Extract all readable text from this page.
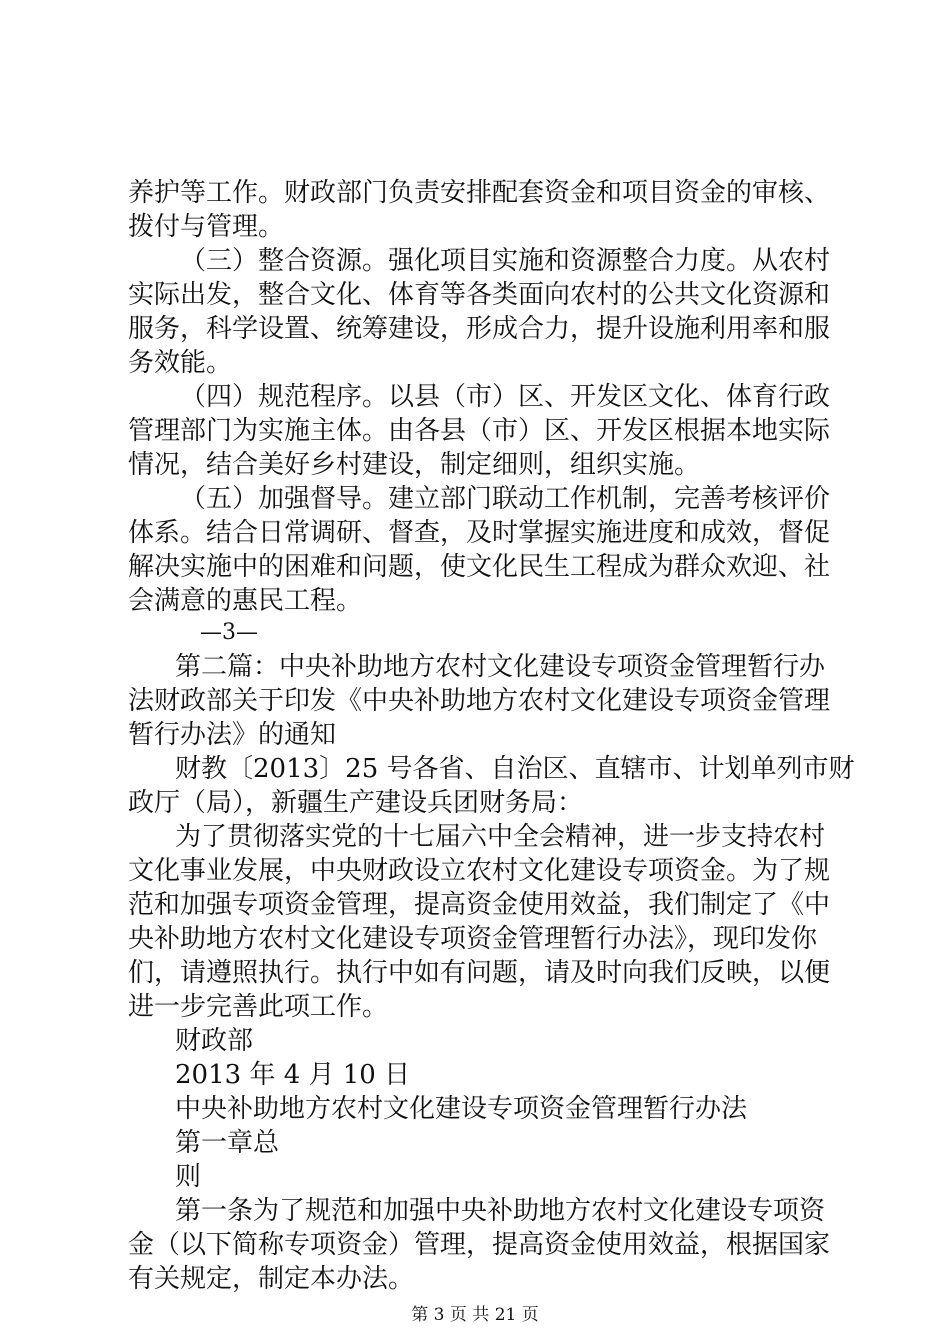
养护等工作。财政部门负责安排配套资金和项目资金的审核、
拨付与管理。
（三）整合资源。强化项目实施和资源整合力度。从农村
实际出发，整合文化、体育等各类面向农村的公共文化资源和
服务，科学设置、统筹建设，形成合力，提升设施利用率和服
务效能。
（四）规范程序。以县（市）区、开发区文化、体育行政
管理部门为实施主体。由各县（市）区、开发区根据本地实际
情况，结合美好乡村建设，制定细则，组织实施。
（五）加强督导。建立部门联动工作机制，完善考核评价
体系。结合日常调研、督查，及时掌握实施进度和成效，督促
解决实施中的困难和问题，使文化民生工程成为群众欢迎、社
会满意的惠民工程。
—3—
第二篇：中央补助地方农村文化建设专项资金管理暂行办
法财政部关于印发《中央补助地方农村文化建设专项资金管理
暂行办法》的通知
财教〔2013〕25 号各省、自治区、直辖市、计划单列市财
政厅（局），新疆生产建设兵团财务局：
为了贯彻落实党的十七届六中全会精神，进一步支持农村
文化事业发展，中央财政设立农村文化建设专项资金。为了规
范和加强专项资金管理，提高资金使用效益，我们制定了《中
央补助地方农村文化建设专项资金管理暂行办法》，现印发你
们，请遵照执行。执行中如有问题，请及时向我们反映，以便
进一步完善此项工作。
财政部
2013 年 4 月 10 日
中央补助地方农村文化建设专项资金管理暂行办法
第一章总
则
第一条为了规范和加强中央补助地方农村文化建设专项资
金（以下简称专项资金）管理，提高资金使用效益，根据国家
有关规定，制定本办法。
第 3 页 共 21 页
